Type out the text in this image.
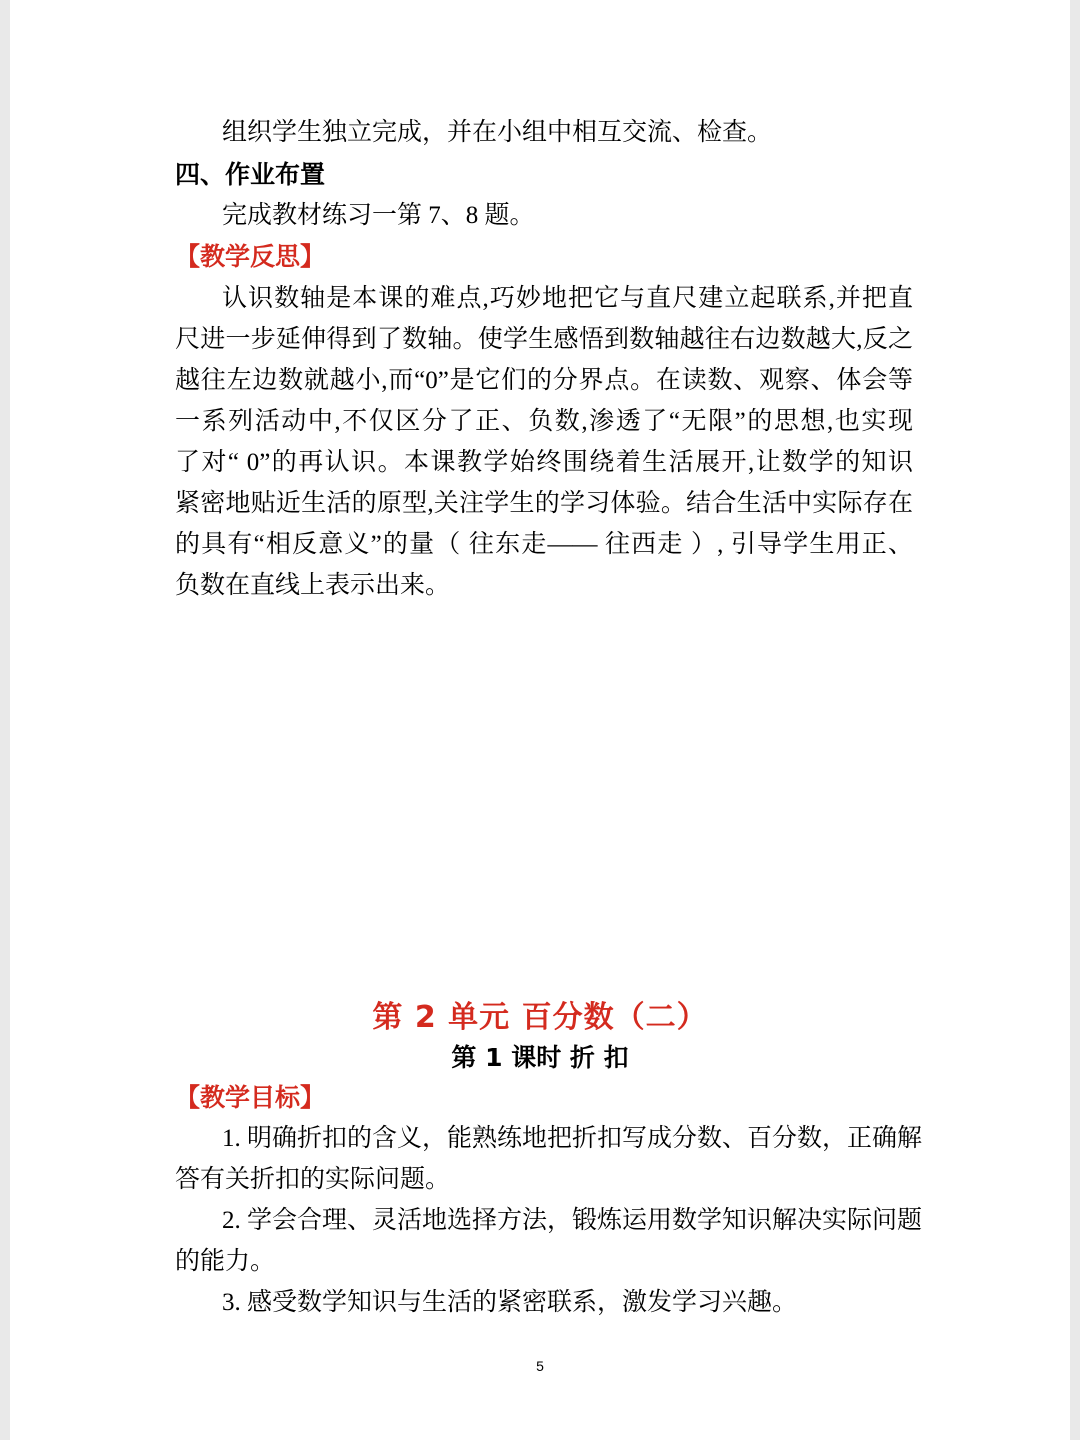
组织学生独立完成，并在小组中相互交流、检查。

四、作业布置

完成教材练习一第 7、8 题。

【教学反思】

认识数轴是本课的难点,巧妙地把它与直尺建立起联系,并把直

尺进一步延伸得到了数轴。使学生感悟到数轴越往右边数越大,反之

越往左边数就越小,而“0”是它们的分界点。在读数、观察、体会等

一系列活动中,不仅区分了正、负数,渗透了“无限”的思想,也实现

了对“ 0”的再认识。本课教学始终围绕着生活展开,让数学的知识

紧密地贴近生活的原型,关注学生的学习体验。结合生活中实际存在

的具有“相反意义”的量（ 往东走—— 往西走 ）, 引导学生用正、

负数在直线上表示出来。

第 2 单元 百分数（二）
第 1 课时 折 扣

【教学目标】

1. 明确折扣的含义，能熟练地把折扣写成分数、百分数，正确解

答有关折扣的实际问题。

2. 学会合理、灵活地选择方法，锻炼运用数学知识解决实际问题

的能力。

3. 感受数学知识与生活的紧密联系，激发学习兴趣。

5
